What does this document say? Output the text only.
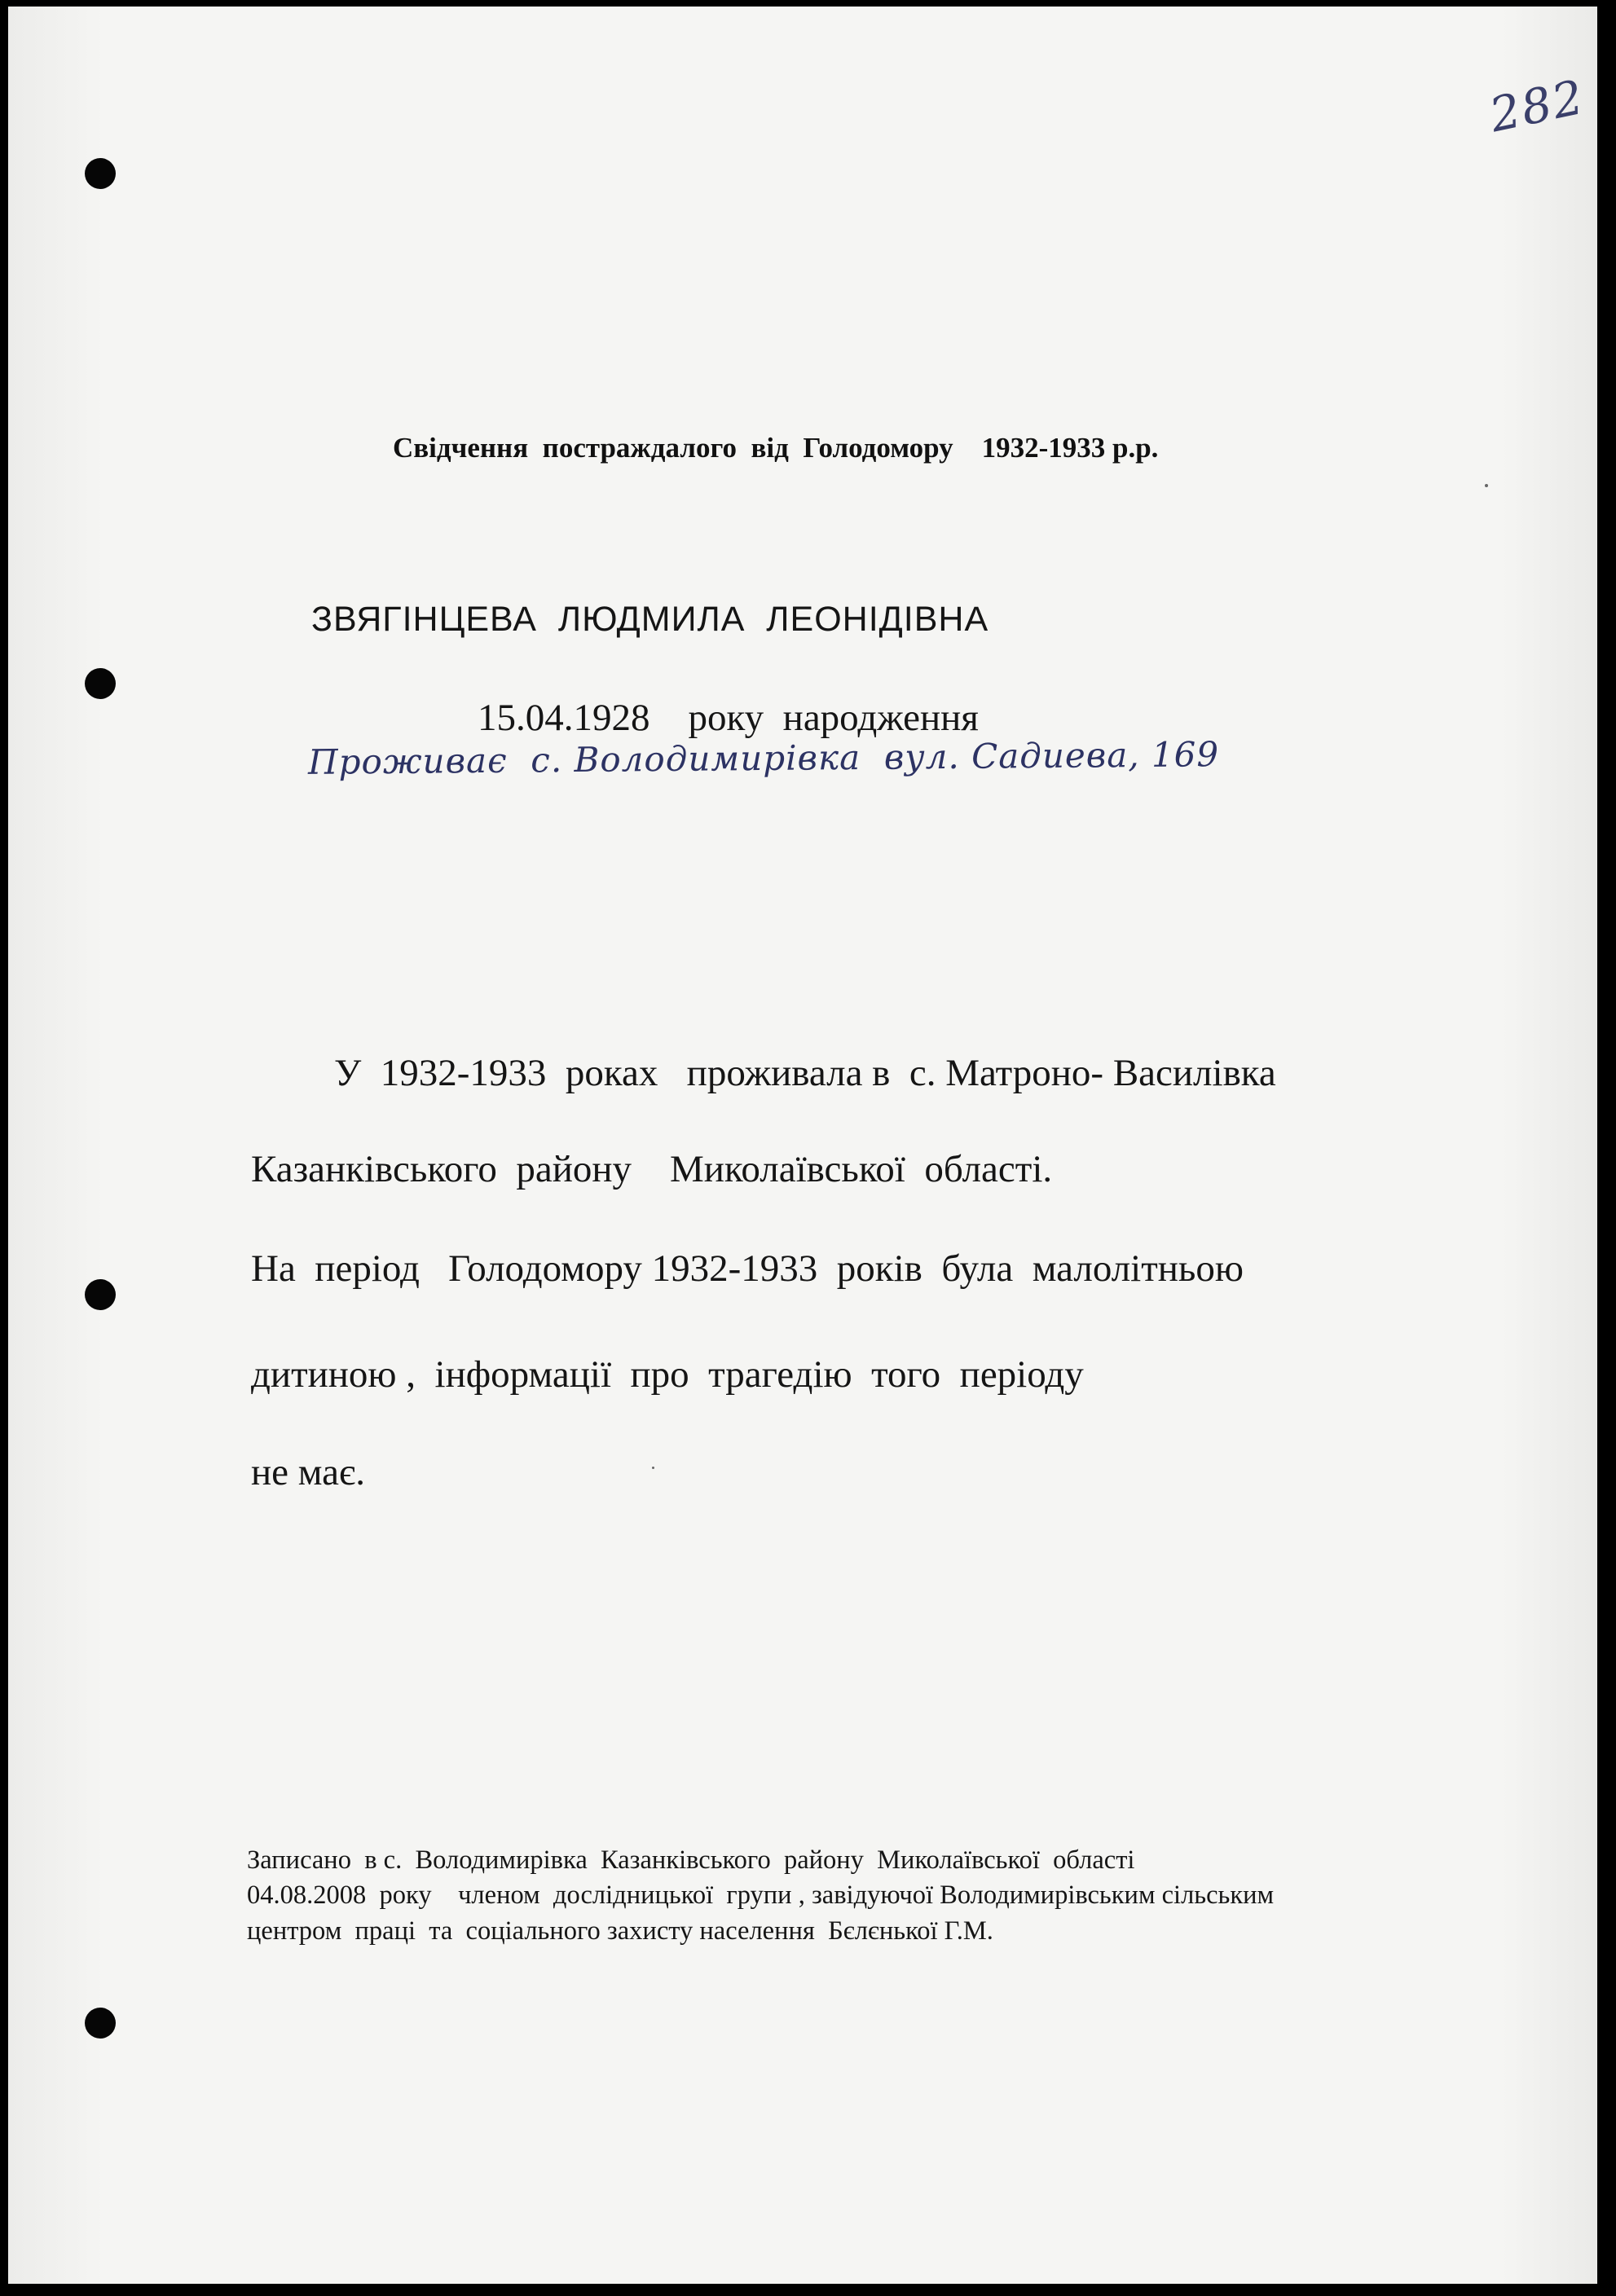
282

Свідчення  постраждалого  від  Голодомору    1932-1933 р.р.

ЗВЯГІНЦЕВА  ЛЮДМИЛА  ЛЕОНІДІВНА
15.04.1928    року  народження
Проживає  с. Володимирівка  вул. Садиева, 169

У  1932-1933  роках   проживала в  с. Матроно- Василівка

Казанківського  району    Миколаївської  області.

На  період   Голодомору 1932-1933  років  була  малолітньою

дитиною ,  інформації  про  трагедію  того  періоду

не має.

Записано  в с.  Володимирівка  Казанківського  району  Миколаївської  області

04.08.2008  року    членом  дослідницької  групи , завідуючої Володимирівським сільським

центром  праці  та  соціального захисту населення  Бєлєнької Г.М.
